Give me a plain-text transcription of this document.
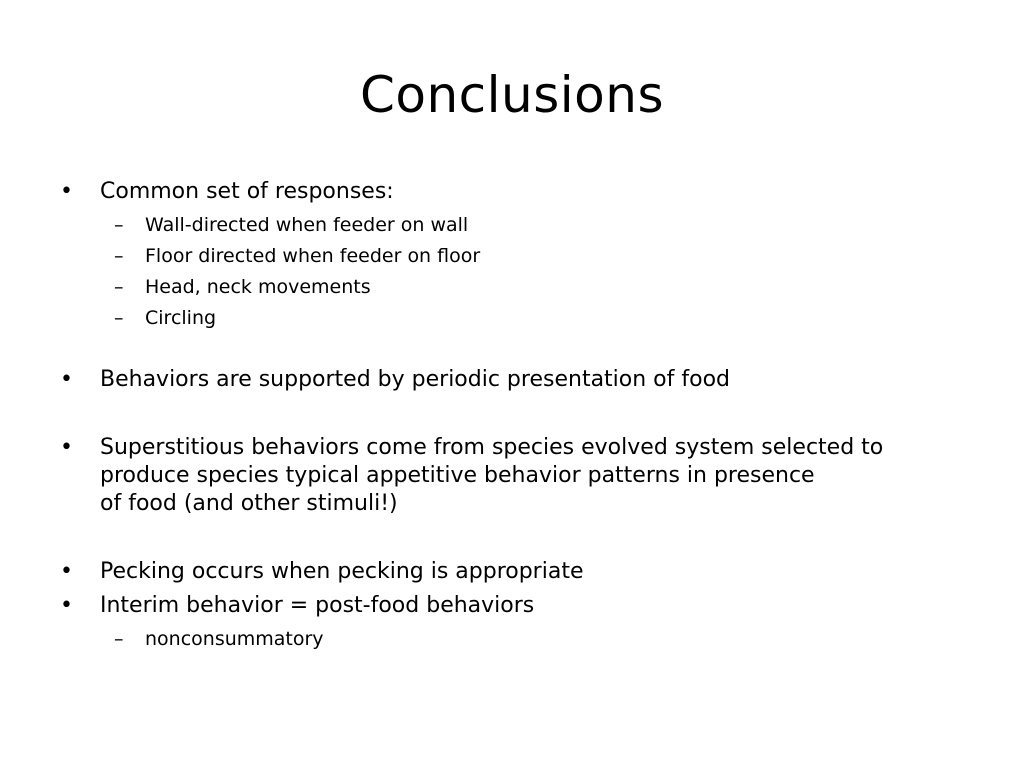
Conclusions
•	Common set of responses:
– Wall-directed when feeder on wall
– Floor directed when feeder on floor
– Head, neck movements
– Circling
•	Behaviors are supported by periodic presentation of food
•	Superstitious behaviors come from species evolved system selected to
produce species typical appetitive behavior patterns in presence
of food (and other stimuli!)
•	Pecking occurs when pecking is appropriate
•	Interim behavior = post-food behaviors
– nonconsummatory
